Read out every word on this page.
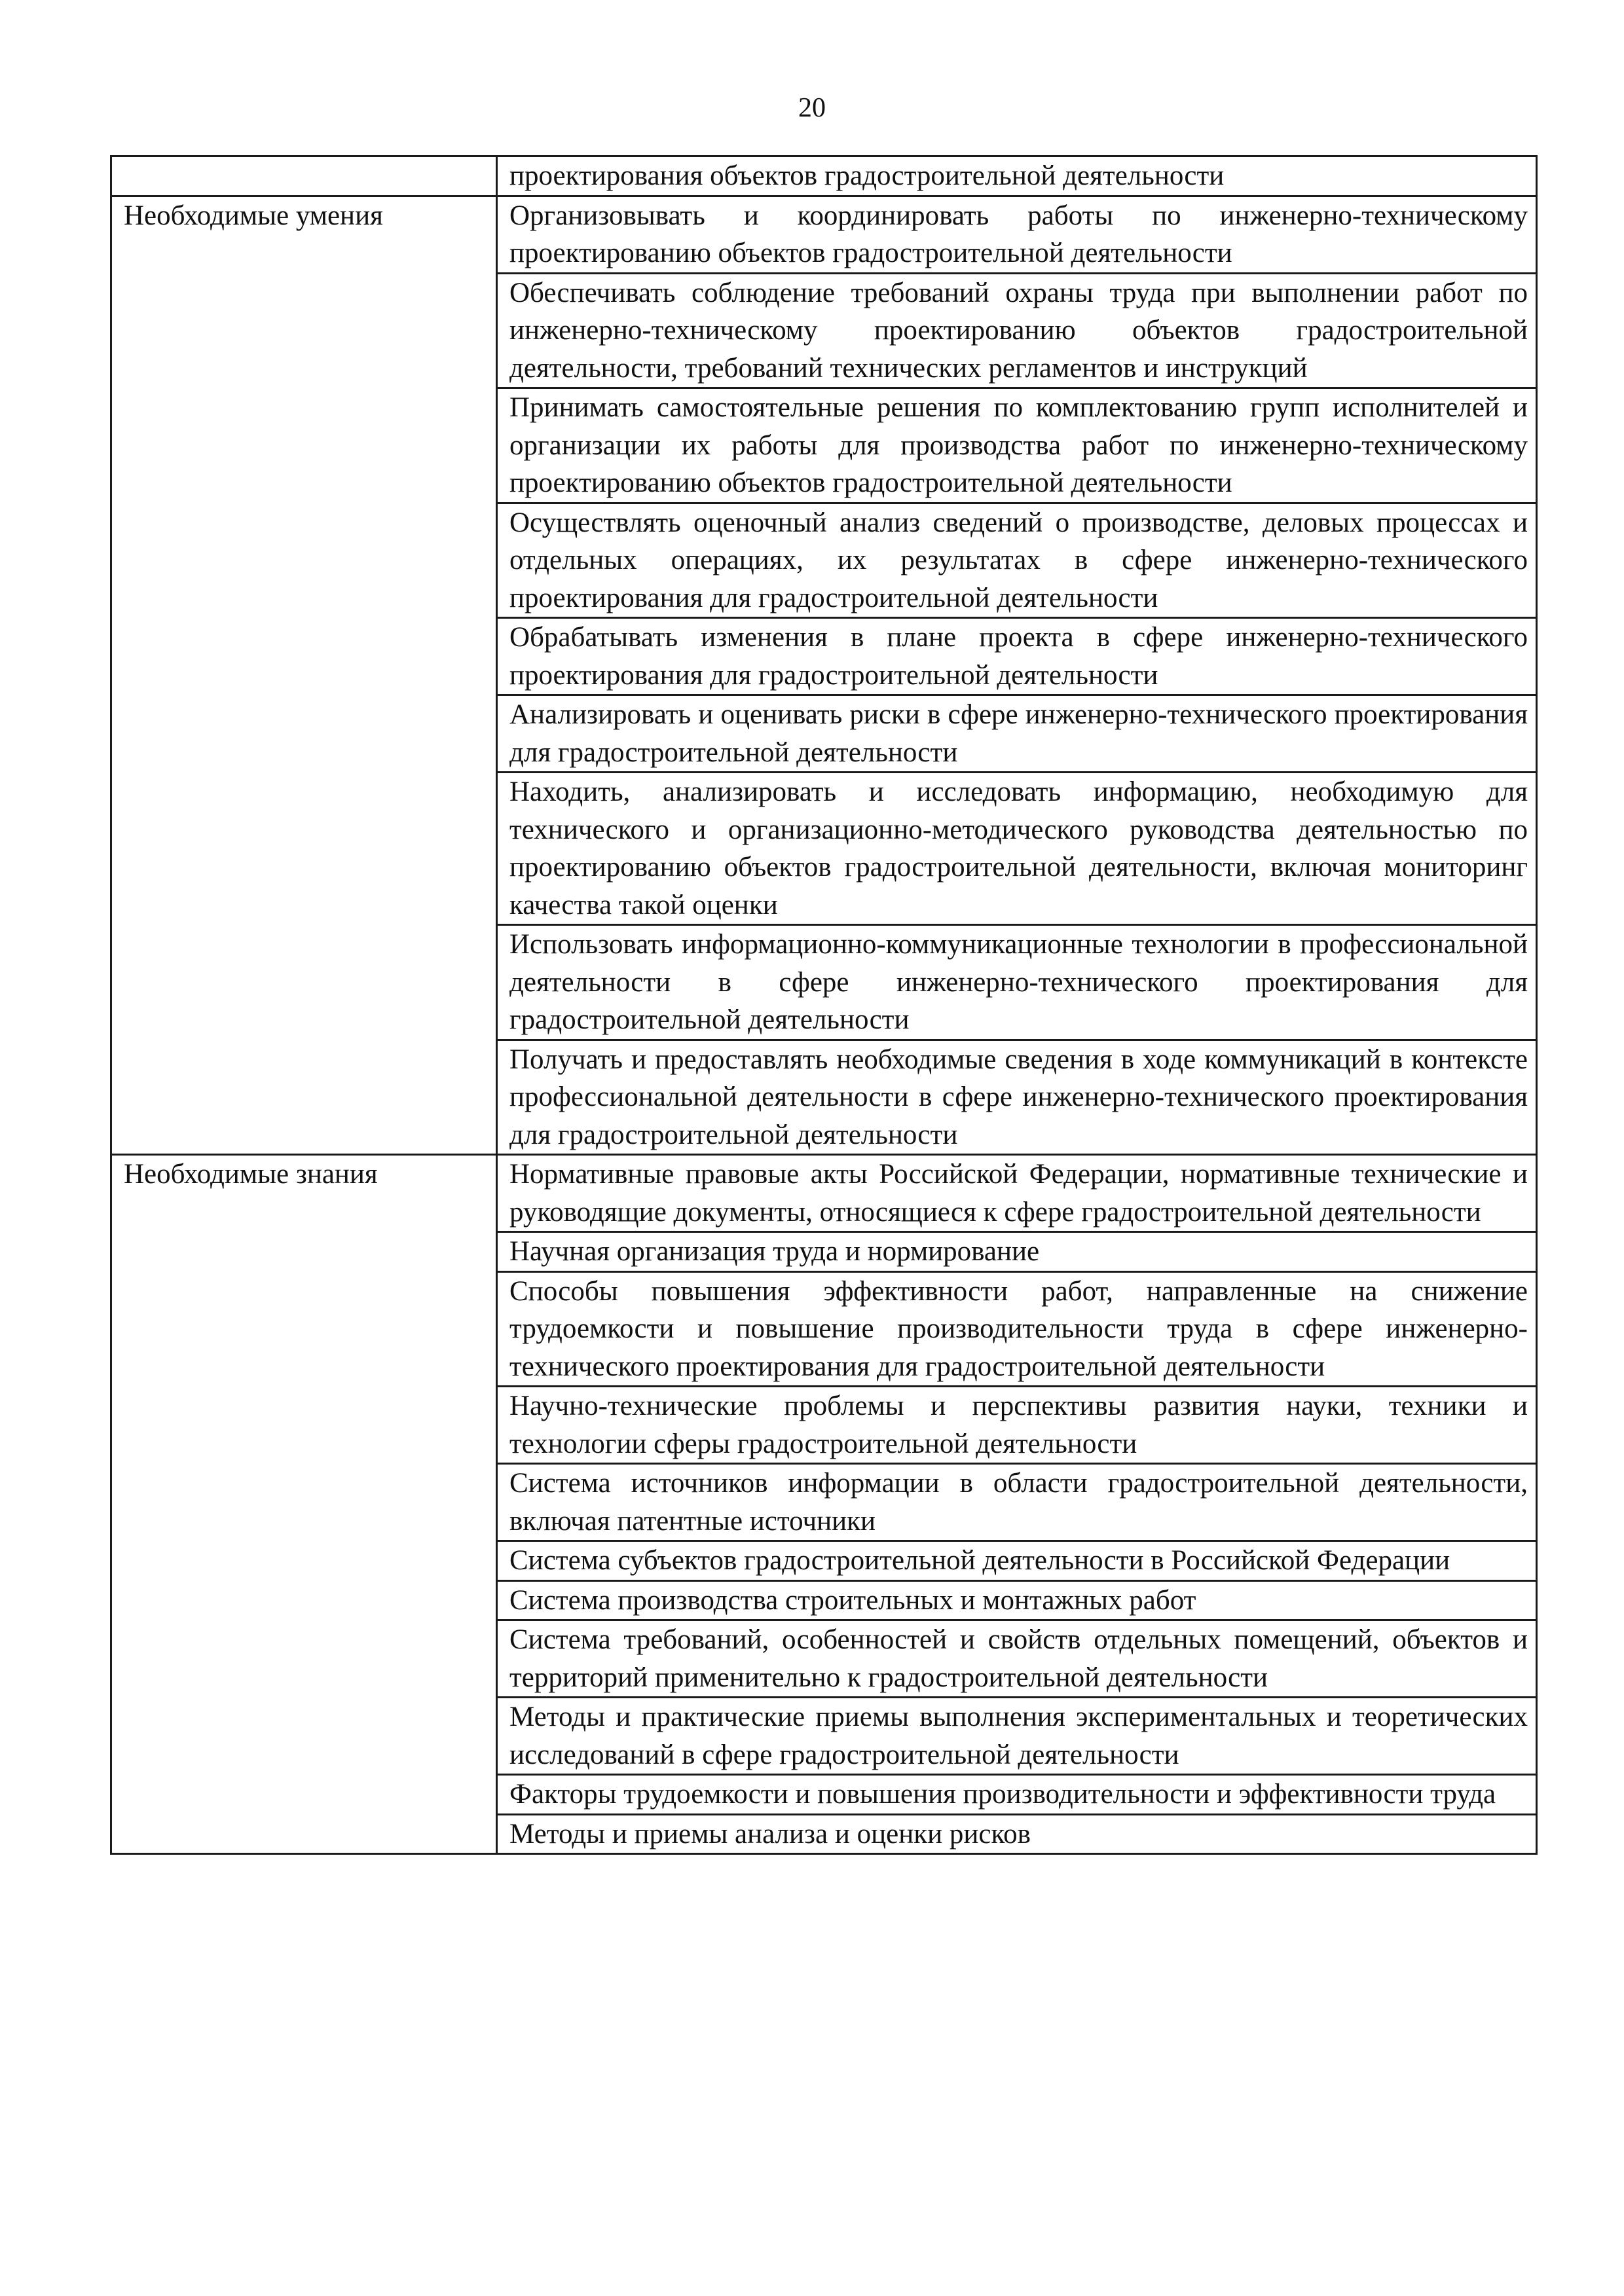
20
	проектирования объектов градостроительной деятельности
Необходимые умения	Организовывать и координировать работы по инженерно-техническому проектированию объектов градостроительной деятельности
	Обеспечивать соблюдение требований охраны труда при выполнении работ по инженерно-техническому проектированию объектов градостроительной деятельности, требований технических регламентов и инструкций
	Принимать самостоятельные решения по комплектованию групп исполнителей и организации их работы для производства работ по инженерно-техническому проектированию объектов градостроительной деятельности
	Осуществлять оценочный анализ сведений о производстве, деловых процессах и отдельных операциях, их результатах в сфере инженерно-технического проектирования для градостроительной деятельности
	Обрабатывать изменения в плане проекта в сфере инженерно-технического проектирования для градостроительной деятельности
	Анализировать и оценивать риски в сфере инженерно-технического проектирования для градостроительной деятельности
	Находить, анализировать и исследовать информацию, необходимую для технического и организационно-методического руководства деятельностью по проектированию объектов градостроительной деятельности, включая мониторинг качества такой оценки
	Использовать информационно-коммуникационные технологии в профессиональной деятельности в сфере инженерно-технического проектирования для градостроительной деятельности
	Получать и предоставлять необходимые сведения в ходе коммуникаций в контексте профессиональной деятельности в сфере инженерно-технического проектирования для градостроительной деятельности
Необходимые знания	Нормативные правовые акты Российской Федерации, нормативные технические и руководящие документы, относящиеся к сфере градостроительной деятельности
	Научная организация труда и нормирование
	Способы повышения эффективности работ, направленные на снижение трудоемкости и повышение производительности труда в сфере инженерно-технического проектирования для градостроительной деятельности
	Научно-технические проблемы и перспективы развития науки, техники и технологии сферы градостроительной деятельности
	Система источников информации в области градостроительной деятельности, включая патентные источники
	Система субъектов градостроительной деятельности в Российской Федерации
	Система производства строительных и монтажных работ
	Система требований, особенностей и свойств отдельных помещений, объектов и территорий применительно к градостроительной деятельности
	Методы и практические приемы выполнения экспериментальных и теоретических исследований в сфере градостроительной деятельности
	Факторы трудоемкости и повышения производительности и эффективности труда
	Методы и приемы анализа и оценки рисков
